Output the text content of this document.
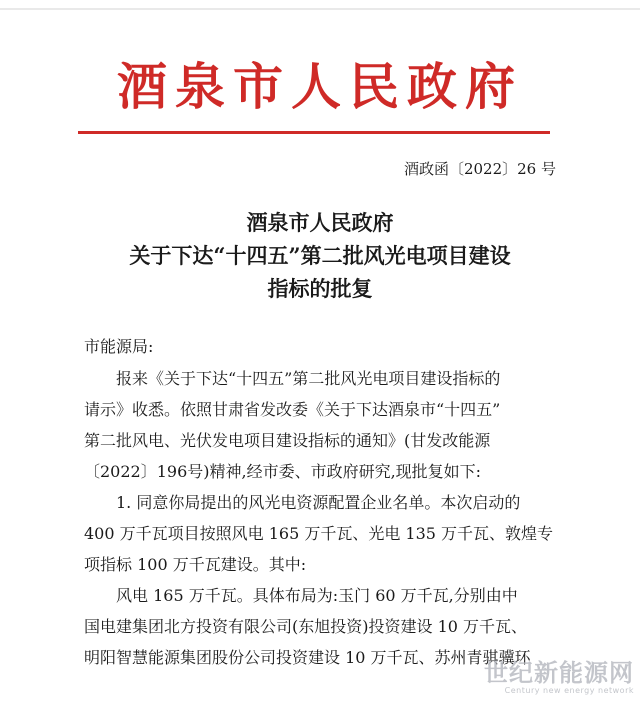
酒泉市人民政府
酒政函〔2022〕26 号
酒泉市人民政府
关于下达“十四五”第二批风光电项目建设
指标的批复
市能源局:
报来《关于下达“十四五”第二批风光电项目建设指标的
请示》收悉。依照甘肃省发改委《关于下达酒泉市“十四五”
第二批风电、光伏发电项目建设指标的通知》(甘发改能源
〔2022〕196号)精神,经市委、市政府研究,现批复如下:
1. 同意你局提出的风光电资源配置企业名单。本次启动的
400 万千瓦项目按照风电 165 万千瓦、光电 135 万千瓦、敦煌专
项指标 100 万千瓦建设。其中:
风电 165 万千瓦。具体布局为:玉门 60 万千瓦,分别由中
国电建集团北方投资有限公司(东旭投资)投资建设 10 万千瓦、
明阳智慧能源集团股份公司投资建设 10 万千瓦、苏州青骐骥环
世纪新能源网
Century new energy network
